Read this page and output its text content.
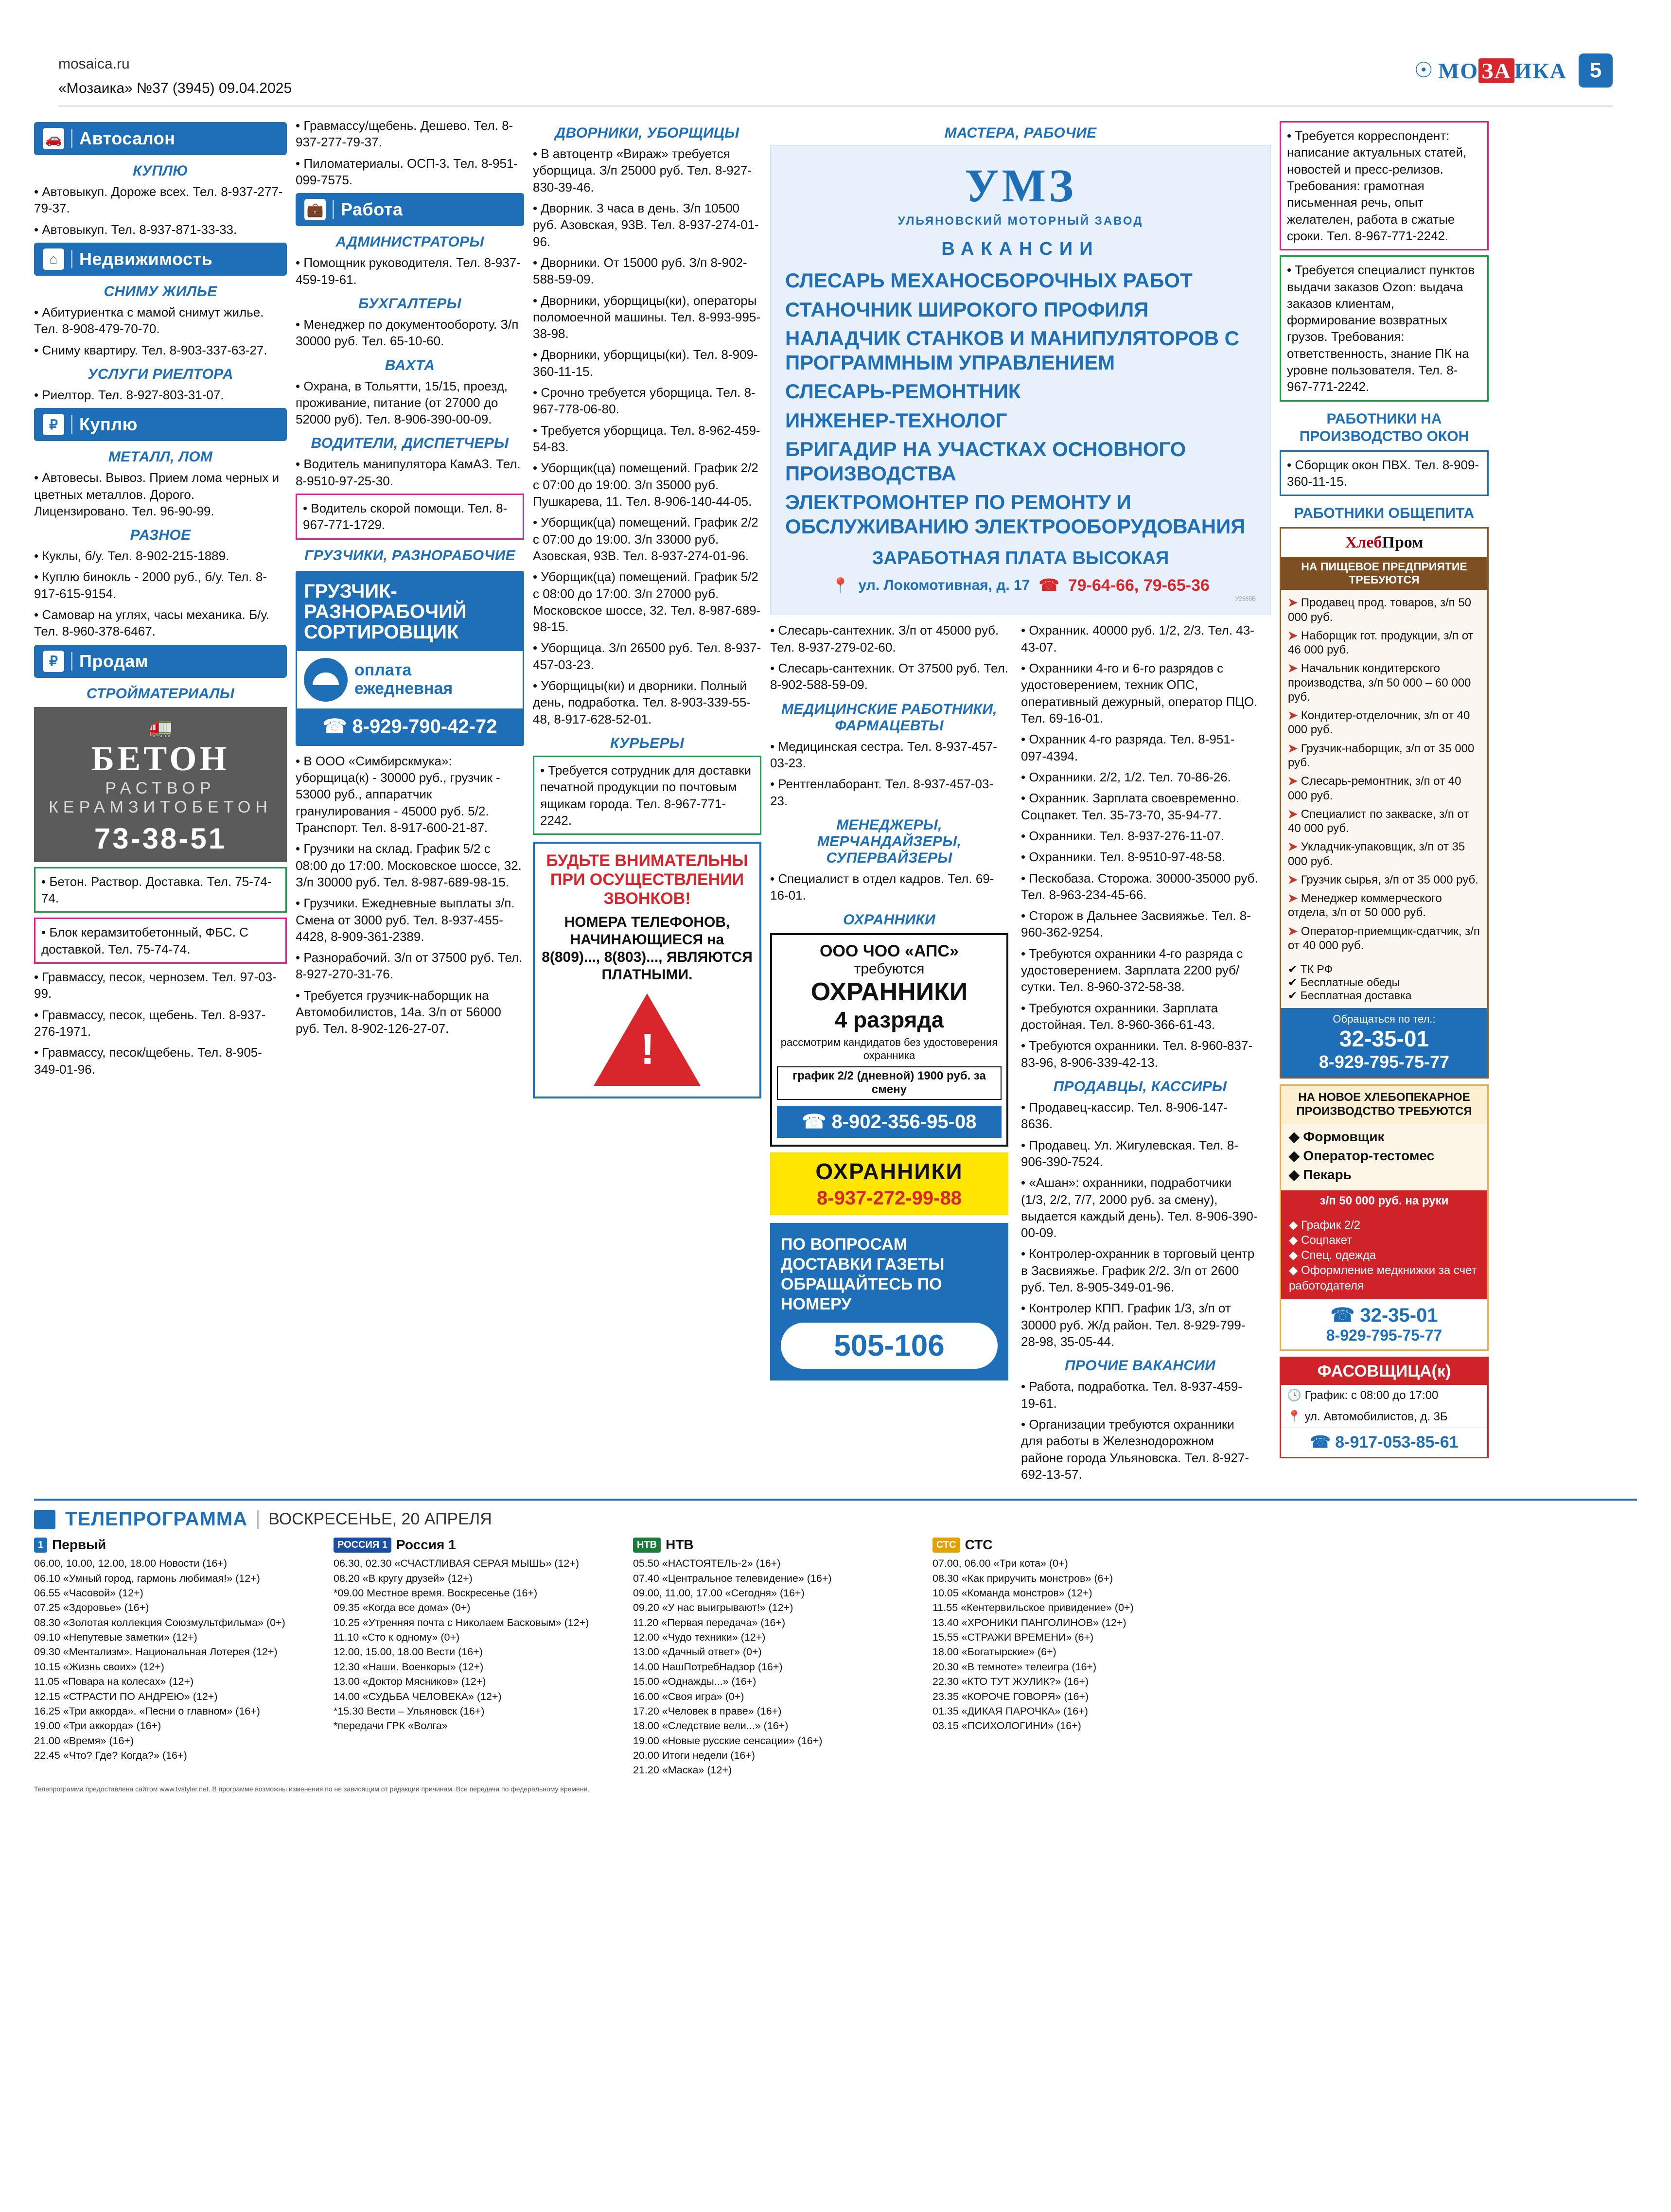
mosaica.ru
«Мозаика» №37 (3945) 09.04.2025
☉ МО ЗА ИКА	5
🚗 Автосалон
КУПЛЮ
• Автовыкуп. Дороже всех. Тел. 8-937-277-79-37.
• Автовыкуп. Тел. 8-937-871-33-33.
⌂	Недвижимость
СНИМУ ЖИЛЬЕ
• Абитуриентка с мамой снимут жилье. Тел. 8-908-479-70-70.
• Сниму квартиру. Тел. 8-903-337-63-27.
УСЛУГИ РИЕЛТОРА
• Риелтор. Тел. 8-927-803-31-07.
₽	Куплю
МЕТАЛЛ, ЛОМ
• Автовесы. Вывоз. Прием лома черных и цветных металлов. Дорого. Лицензировано. Тел. 96-90-99.
РАЗНОЕ
• Куклы, б/у. Тел. 8-902-215-1889.
• Куплю бинокль - 2000 руб., б/у. Тел. 8-917-615-9154.
• Самовар на углях, часы механика. Б/у. Тел. 8-960-378-6467.
₽	Продам
СТРОЙМАТЕРИАЛЫ
🚛
БЕТОН
РАСТВОР
КЕРАМЗИТОБЕТОН
73-38-51
• Бетон. Раствор. Доставка. Тел. 75-74-74.
• Блок керамзитобетонный, ФБС. С доставкой. Тел. 75-74-74.
• Гравмассу, песок, чернозем. Тел. 97-03-99.
• Гравмассу, песок, щебень. Тел. 8-937-276-1971.
• Гравмассу, песок/щебень. Тел. 8-905-349-01-96.
• Гравмассу/щебень. Дешево. Тел. 8-937-277-79-37.
• Пиломатериалы. ОСП-3. Тел. 8-951-099-7575.
💼 Работа
АДМИНИСТРАТОРЫ
• Помощник руководителя. Тел. 8-937-459-19-61.
БУХГАЛТЕРЫ
• Менеджер по документообороту. З/п 30000 руб. Тел. 65-10-60.
ВАХТА
• Охрана, в Тольятти, 15/15, проезд, проживание, питание (от 27000 до 52000 руб). Тел. 8-906-390-00-09.
ВОДИТЕЛИ, ДИСПЕТЧЕРЫ
• Водитель манипулятора КамАЗ. Тел. 8-9510-97-25-30.
• Водитель скорой помощи. Тел. 8-967-771-1729.
ГРУЗЧИКИ, РАЗНОРАБОЧИЕ
ГРУЗЧИК-
РАЗНОРАБОЧИЙ
СОРТИРОВЩИК
оплата
ежедневная
☎ 8-929-790-42-72
• В ООО «Симбирскмука»: уборщица(к) - 30000 руб., грузчик - 53000 руб., аппаратчик гранулирования - 45000 руб. 5/2. Транспорт. Тел. 8-917-600-21-87.
• Грузчики на склад. График 5/2 с 08:00 до 17:00. Московское шоссе, 32. З/п 30000 руб. Тел. 8-987-689-98-15.
• Грузчики. Ежедневные выплаты з/п. Смена от 3000 руб. Тел. 8-937-455-4428, 8-909-361-2389.
• Разнорабочий. З/п от 37500 руб. Тел. 8-927-270-31-76.
• Требуется грузчик-наборщик на Автомобилистов, 14а. З/п от 56000 руб. Тел. 8-902-126-27-07.
ДВОРНИКИ, УБОРЩИЦЫ
• В автоцентр «Вираж» требуется уборщица. З/п 25000 руб. Тел. 8-927-830-39-46.
• Дворник. 3 часа в день. З/п 10500 руб. Азовская, 93В. Тел. 8-937-274-01-96.
• Дворники. От 15000 руб. З/п 8-902-588-59-09.
• Дворники, уборщицы(ки), операторы поломоечной машины. Тел. 8-993-995-38-98.
• Дворники, уборщицы(ки). Тел. 8-909-360-11-15.
• Срочно требуется уборщица. Тел. 8-967-778-06-80.
• Требуется уборщица. Тел. 8-962-459-54-83.
• Уборщик(ца) помещений. График 2/2 с 07:00 до 19:00. З/п 35000 руб. Пушкарева, 11. Тел. 8-906-140-44-05.
• Уборщик(ца) помещений. График 2/2 с 07:00 до 19:00. З/п 33000 руб. Азовская, 93В. Тел. 8-937-274-01-96.
• Уборщик(ца) помещений. График 5/2 с 08:00 до 17:00. З/п 27000 руб. Московское шоссе, 32. Тел. 8-987-689-98-15.
• Уборщица. З/п 26500 руб. Тел. 8-937-457-03-23.
• Уборщицы(ки) и дворники. Полный день, подработка. Тел. 8-903-339-55-48, 8-917-628-52-01.
КУРЬЕРЫ
• Требуется сотрудник для доставки печатной продукции по почтовым ящикам города. Тел. 8-967-771-2242.
БУДЬТЕ ВНИМАТЕЛЬНЫ ПРИ ОСУЩЕСТВЛЕНИИ ЗВОНКОВ!
НОМЕРА ТЕЛЕФОНОВ, НАЧИНАЮЩИЕСЯ на 8(809)..., 8(803)..., ЯВЛЯЮТСЯ ПЛАТНЫМИ.
!
МАСТЕРА, РАБОЧИЕ
УМЗ
УЛЬЯНОВСКИЙ МОТОРНЫЙ ЗАВОД
ВАКАНСИИ
СЛЕСАРЬ МЕХАНОСБОРОЧНЫХ РАБОТ
СТАНОЧНИК ШИРОКОГО ПРОФИЛЯ
НАЛАДЧИК СТАНКОВ И МАНИПУЛЯТОРОВ С ПРОГРАММНЫМ УПРАВЛЕНИЕМ
СЛЕСАРЬ-РЕМОНТНИК
ИНЖЕНЕР-ТЕХНОЛОГ
БРИГАДИР НА УЧАСТКАХ ОСНОВНОГО ПРОИЗВОДСТВА
ЭЛЕКТРОМОНТЕР ПО РЕМОНТУ И ОБСЛУЖИВАНИЮ ЭЛЕКТРООБОРУДОВАНИЯ
ЗАРАБОТНАЯ ПЛАТА ВЫСОКАЯ
📍 ул. Локомотивная, д. 17 ☎ 79-64-66, 79-65-36
У2685В
• Слесарь-сантехник. З/п от 45000 руб. Тел. 8-937-279-02-60.
• Слесарь-сантехник. От 37500 руб. Тел. 8-902-588-59-09.
МЕДИЦИНСКИЕ РАБОТНИКИ, ФАРМАЦЕВТЫ
• Медицинская сестра. Тел. 8-937-457-03-23.
• Рентгенлаборант. Тел. 8-937-457-03-23.
МЕНЕДЖЕРЫ, МЕРЧАНДАЙЗЕРЫ, СУПЕРВАЙЗЕРЫ
• Специалист в отдел кадров. Тел. 69-16-01.
ОХРАННИКИ
ООО ЧОО «АПС»
требуются
ОХРАННИКИ
4 разряда
рассмотрим кандидатов без удостоверения охранника
график 2/2 (дневной) 1900 руб. за смену
☎ 8-902-356-95-08
ОХРАННИКИ
8-937-272-99-88
ПО ВОПРОСАМ ДОСТАВКИ ГАЗЕТЫ ОБРАЩАЙТЕСЬ ПО НОМЕРУ
505-106
• Охранник. 40000 руб. 1/2, 2/3. Тел. 43-43-07.
• Охранники 4-го и 6-го разрядов с удостоверением, техник ОПС, оперативный дежурный, оператор ПЦО. Тел. 69-16-01.
• Охранник 4-го разряда. Тел. 8-951-097-4394.
• Охранники. 2/2, 1/2. Тел. 70-86-26.
• Охранник. Зарплата своевременно. Соцпакет. Тел. 35-73-70, 35-94-77.
• Охранники. Тел. 8-937-276-11-07.
• Охранники. Тел. 8-9510-97-48-58.
• Пескобаза. Сторожа. 30000-35000 руб. Тел. 8-963-234-45-66.
• Сторож в Дальнее Засвияжье. Тел. 8-960-362-9254.
• Требуются охранники 4-го разряда с удостоверением. Зарплата 2200 руб/сутки. Тел. 8-960-372-58-38.
• Требуются охранники. Зарплата достойная. Тел. 8-960-366-61-43.
• Требуются охранники. Тел. 8-960-837-83-96, 8-906-339-42-13.
ПРОДАВЦЫ, КАССИРЫ
• Продавец-кассир. Тел. 8-906-147-8636.
• Продавец. Ул. Жигулевская. Тел. 8-906-390-7524.
• «Ашан»: охранники, подработчики (1/3, 2/2, 7/7, 2000 руб. за смену), выдается каждый день). Тел. 8-906-390-00-09.
• Контролер-охранник в торговый центр в Засвияжье. График 2/2. З/п от 2600 руб. Тел. 8-905-349-01-96.
• Контролер КПП. График 1/3, з/п от 30000 руб. Ж/д район. Тел. 8-929-799-28-98, 35-05-44.
ПРОЧИЕ ВАКАНСИИ
• Работа, подработка. Тел. 8-937-459-19-61.
• Организации требуются охранники для работы в Железнодорожном районе города Ульяновска. Тел. 8-927-692-13-57.
• Требуется корреспондент: написание актуальных статей, новостей и пресс-релизов. Требования: грамотная письменная речь, опыт желателен, работа в сжатые сроки. Тел. 8-967-771-2242.
• Требуется специалист пунктов выдачи заказов Ozon: выдача заказов клиентам, формирование возвратных грузов. Требования: ответственность, знание ПК на уровне пользователя. Тел. 8-967-771-2242.
РАБОТНИКИ НА ПРОИЗВОДСТВО ОКОН
• Сборщик окон ПВХ. Тел. 8-909-360-11-15.
РАБОТНИКИ ОБЩЕПИТА
ХлебПром
НА ПИЩЕВОЕ ПРЕДПРИЯТИЕ ТРЕБУЮТСЯ
➤ Продавец прод. товаров, з/п 50 000 руб.
➤ Наборщик гот. продукции, з/п от 46 000 руб.
➤ Начальник кондитерского производства, з/п 50 000 – 60 000 руб.
➤ Кондитер-отделочник, з/п от 40 000 руб.
➤ Грузчик-наборщик, з/п от 35 000 руб.
➤ Слесарь-ремонтник, з/п от 40 000 руб.
➤ Специалист по закваске, з/п от 40 000 руб.
➤ Укладчик-упаковщик, з/п от 35 000 руб.
➤ Грузчик сырья, з/п от 35 000 руб.
➤ Менеджер коммерческого отдела, з/п от 50 000 руб.
➤ Оператор-приемщик-сдатчик, з/п от 40 000 руб.
✔ ТК РФ
✔ Бесплатные обеды
✔ Бесплатная доставка
Обращаться по тел.:
32-35-01
8-929-795-75-77
НА НОВОЕ ХЛЕБОПЕКАРНОЕ ПРОИЗВОДСТВО ТРЕБУЮТСЯ
◆ Формовщик
◆ Оператор-тестомес
◆ Пекарь
з/п 50 000 руб. на руки
◆ График 2/2
◆ Соцпакет
◆ Спец. одежда
◆ Оформление медкнижки за счет работодателя
☎ 32-35-01
8-929-795-75-77
ФАСОВЩИЦА(к)
🕓 График: с 08:00 до 17:00
📍 ул. Автомобилистов, д. 3Б
☎ 8-917-053-85-61
ТЕЛЕПРОГРАММА ВОСКРЕСЕНЬЕ, 20 АПРЕЛЯ
1 Первый
06.00, 10.00, 12.00, 18.00 Новости (16+)
06.10 «Умный город, гармонь любимая!» (12+)
06.55 «Часовой» (12+)
07.25 «Здоровье» (16+)
08.30 «Золотая коллекция Союзмультфильма» (0+)
09.10 «Непутевые заметки» (12+)
09.30 «Ментализм». Национальная Лотерея (12+)
10.15 «Жизнь своих» (12+)
11.05 «Повара на колесах» (12+)
12.15 «СТРАСТИ ПО АНДРЕЮ» (12+)
16.25 «Три аккорда». «Песни о главном» (16+)
19.00 «Три аккорда» (16+)
21.00 «Время» (16+)
22.45 «Что? Где? Когда?» (16+)
РОССИЯ 1 Россия 1
06.30, 02.30 «СЧАСТЛИВАЯ СЕРАЯ МЫШЬ» (12+)
08.20 «В кругу друзей» (12+)
*09.00 Местное время. Воскресенье (16+)
09.35 «Когда все дома» (0+)
10.25 «Утренняя почта с Николаем Басковым» (12+)
11.10 «Сто к одному» (0+)
12.00, 15.00, 18.00 Вести (16+)
12.30 «Наши. Военкоры» (12+)
13.00 «Доктор Мясников» (12+)
14.00 «СУДЬБА ЧЕЛОВЕКА» (12+)
*15.30 Вести – Ульяновск (16+)
*передачи ГРК «Волга»
НТВ НТВ
05.50 «НАСТОЯТЕЛЬ-2» (16+)
07.40 «Центральное телевидение» (16+)
09.00, 11.00, 17.00 «Сегодня» (16+)
09.20 «У нас выигрывают!» (12+)
11.20 «Первая передача» (16+)
12.00 «Чудо техники» (12+)
13.00 «Дачный ответ» (0+)
14.00 НашПотребНадзор (16+)
15.00 «Однажды...» (16+)
16.00 «Своя игра» (0+)
17.20 «Человек в праве» (16+)
18.00 «Следствие вели...» (16+)
19.00 «Новые русские сенсации» (16+)
20.00 Итоги недели (16+)
21.20 «Маска» (12+)
СТС СТС
07.00, 06.00 «Три кота» (0+)
08.30 «Как приручить монстров» (6+)
10.05 «Команда монстров» (12+)
11.55 «Кентервильское привидение» (0+)
13.40 «ХРОНИКИ ПАНГОЛИНОВ» (12+)
15.55 «СТРАЖИ ВРЕМЕНИ» (6+)
18.00 «Богатырские» (6+)
20.30 «В темноте» телеигра (16+)
22.30 «КТО ТУТ ЖУЛИК?» (16+)
23.35 «КОРОЧЕ ГОВОРЯ» (16+)
01.35 «ДИКАЯ ПАРОЧКА» (16+)
03.15 «ПСИХОЛОГИНИ» (16+)
Телепрограмма предоставлена сайтом www.tvstyler.net. В программе возможны изменения по не зависящим от редакции причинам. Все передачи по федеральному времени.
